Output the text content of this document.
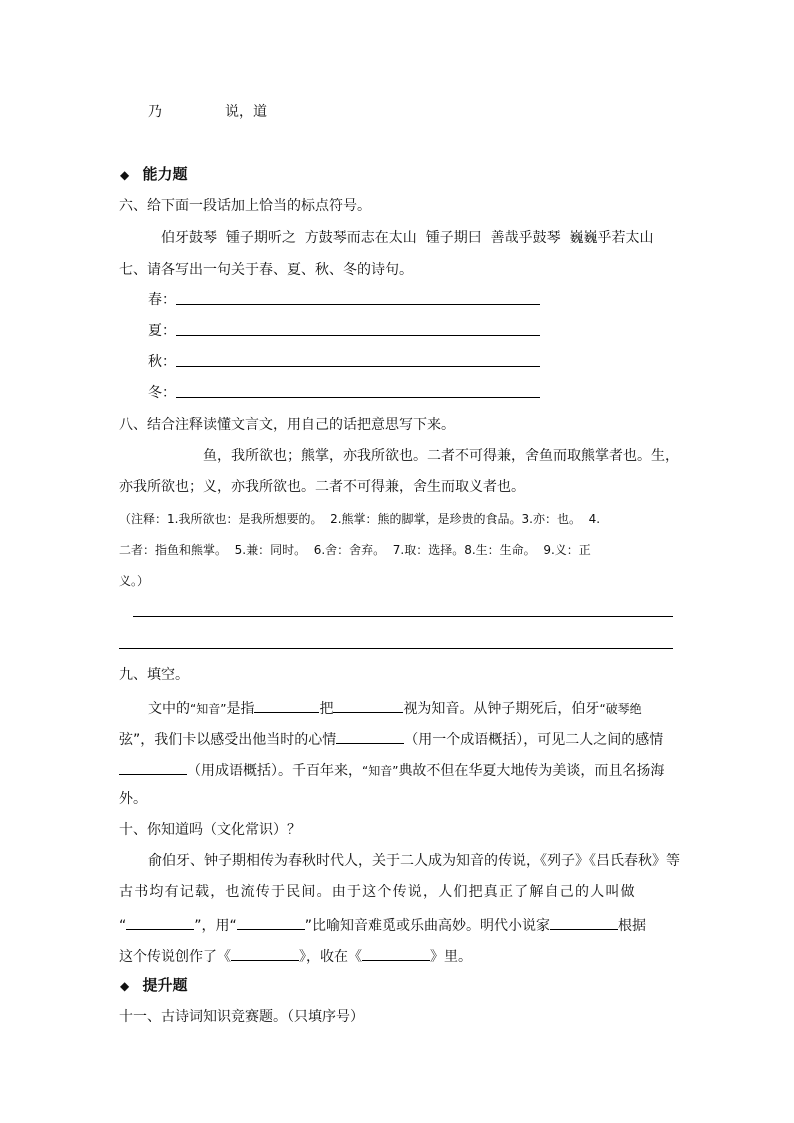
乃	说，道
◆ 能力题
六、给下面一段话加上恰当的标点符号。
伯牙鼓琴  锺子期听之  方鼓琴而志在太山  锺子期曰  善哉乎鼓琴  巍巍乎若太山
七、请各写出一句关于春、夏、秋、冬的诗句。
春：
夏：
秋：
冬：
八、结合注释读懂文言文，用自己的话把意思写下来。
鱼，我所欲也；熊掌，亦我所欲也。二者不可得兼，舍鱼而取熊掌者也。生，
亦我所欲也；义，亦我所欲也。二者不可得兼，舍生而取义者也。
（注释：1.我所欲也：是我所想要的。  2.熊掌：熊的脚掌，是珍贵的食品。3.亦：也。  4.
二者：指鱼和熊掌。  5.兼：同时。  6.舍：舍弃。  7.取：选择。8.生：生命。  9.义：正
义。）
九、填空。
文中的“知音”是指	把	视为知音。从钟子期死后，伯牙“破琴绝
弦”，我们卡以感受出他当时的心情	（用一个成语概括），可见二人之间的感情
（用成语概括）。千百年来，“知音”典故不但在华夏大地传为美谈，而且名扬海
外。
十、你知道吗（文化常识）？
俞伯牙、钟子期相传为春秋时代人，关于二人成为知音的传说，《列子》《吕氏春秋》等
古书均有记载，也流传于民间。由于这个传说，人们把真正了解自己的人叫做
“	”，用“	”比喻知音难觅或乐曲高妙。明代小说家	根据
这个传说创作了《	》，收在《	》里。
◆ 提升题
十一、古诗词知识竞赛题。（只填序号）
